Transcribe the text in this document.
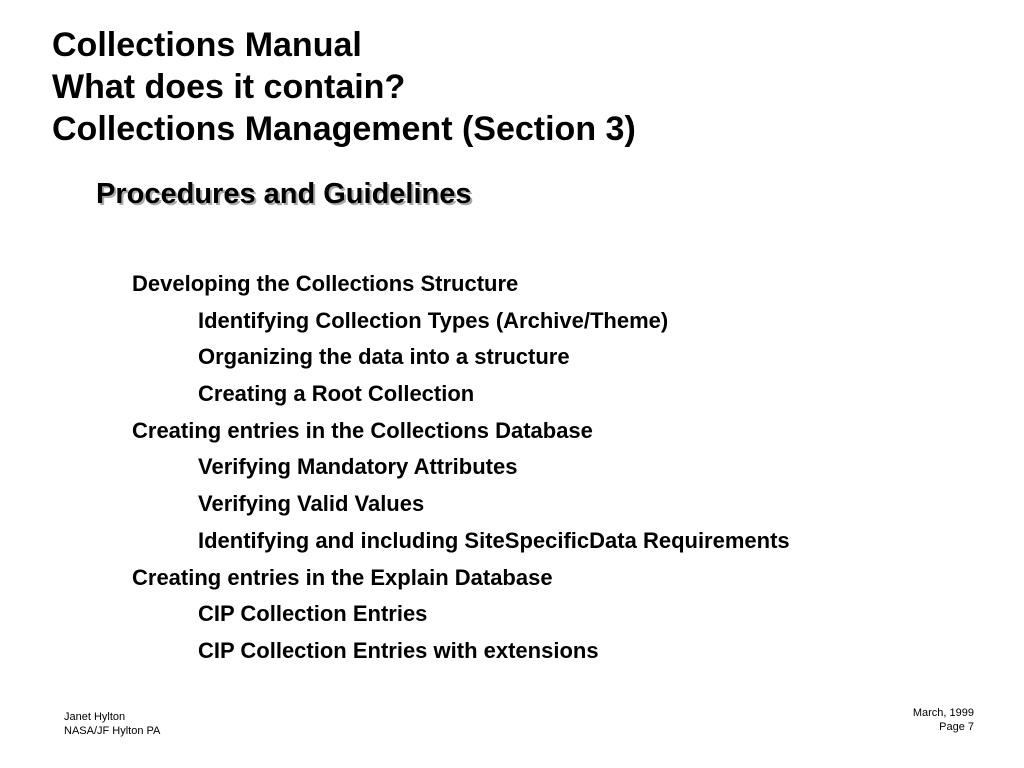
Collections Manual
What does it contain?
Collections Management (Section 3)
Procedures and Guidelines
Developing the Collections Structure
Identifying Collection Types (Archive/Theme)
Organizing the data into a structure
Creating a Root Collection
Creating entries in the Collections Database
Verifying Mandatory Attributes
Verifying Valid Values
Identifying and including SiteSpecificData Requirements
Creating entries in the Explain Database
CIP Collection Entries
CIP Collection Entries with extensions
Janet Hylton
NASA/JF Hylton PA
March, 1999
Page 7
